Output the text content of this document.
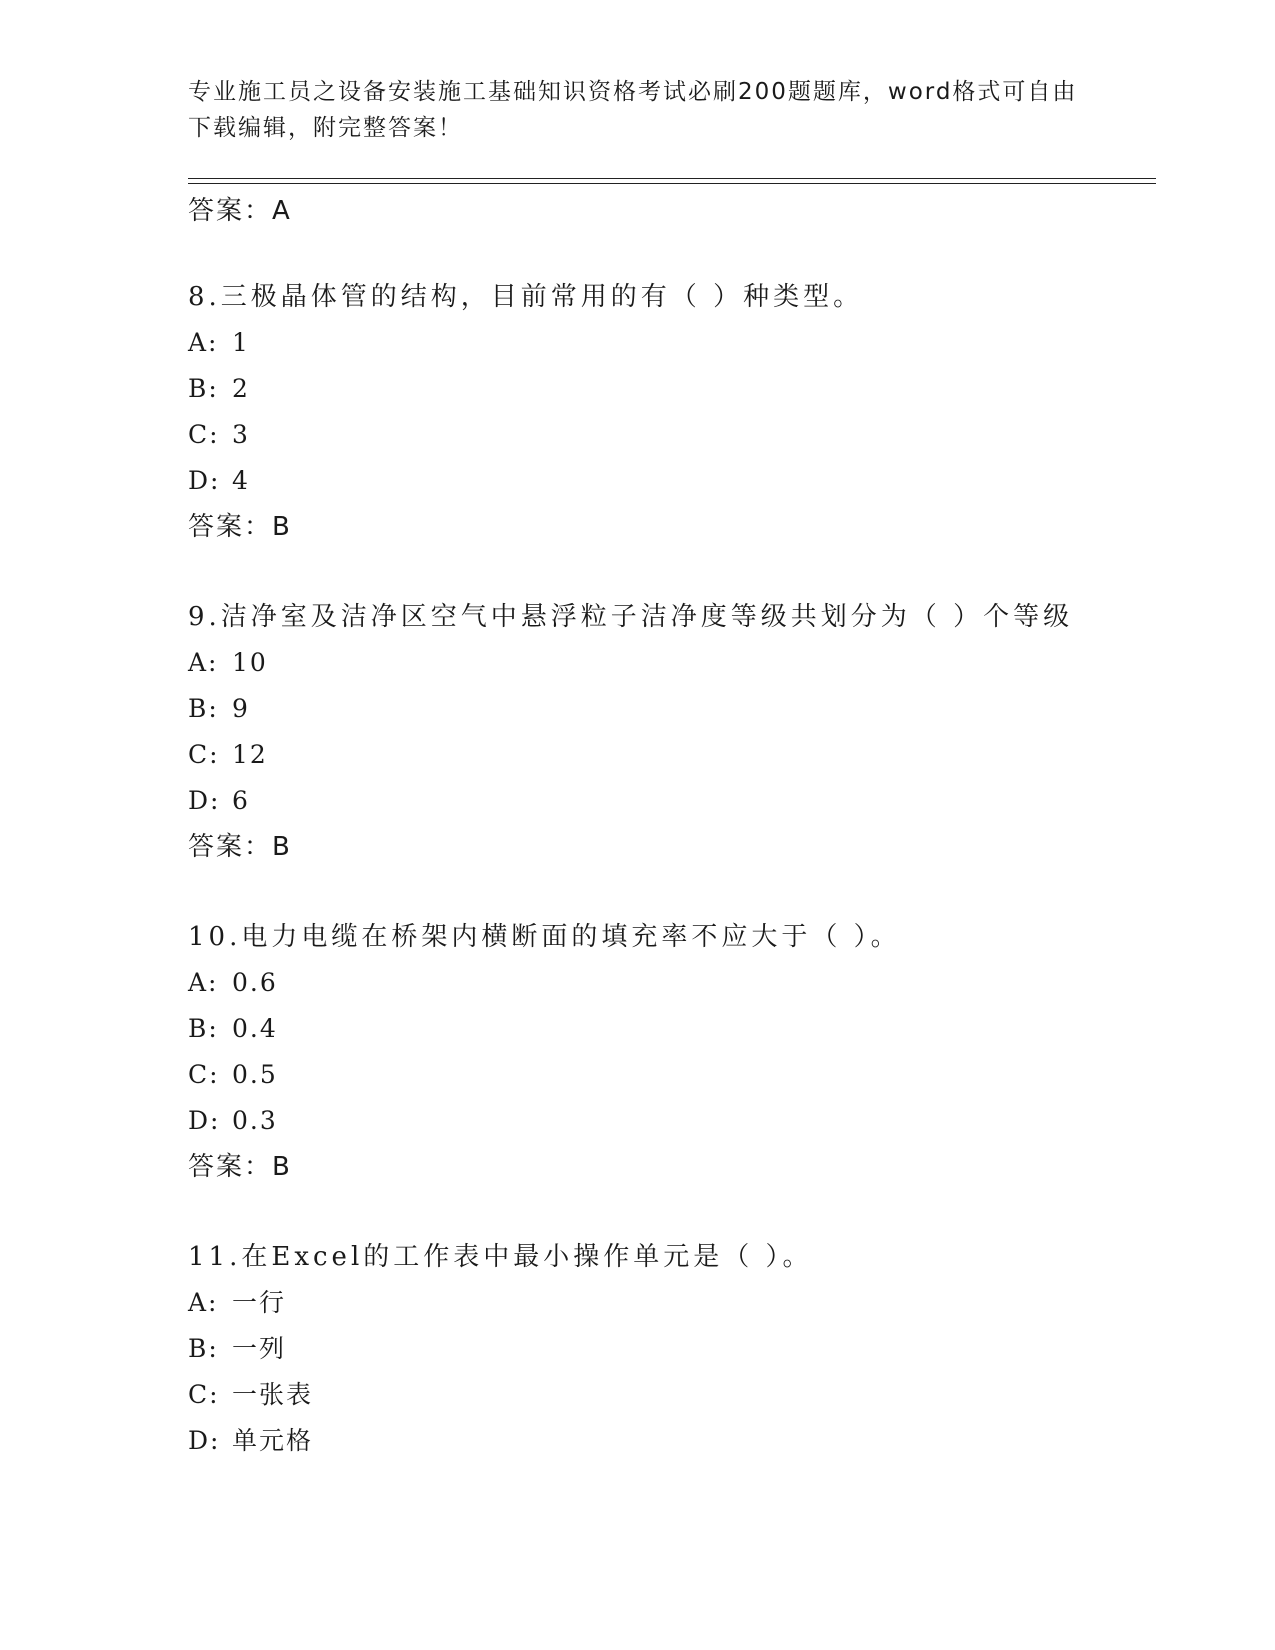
专业施工员之设备安装施工基础知识资格考试必刷200题题库，word格式可自由
下载编辑，附完整答案！

答案：A

8.三极晶体管的结构，目前常用的有（ ）种类型。

A: 1

B: 2

C: 3

D: 4

答案：B

9.洁净室及洁净区空气中悬浮粒子洁净度等级共划分为（ ）个等级

A: 10

B: 9

C: 12

D: 6

答案：B

10.电力电缆在桥架内横断面的填充率不应大于（ ）。

A: 0.6

B: 0.4

C: 0.5

D: 0.3

答案：B

11.在Excel的工作表中最小操作单元是（ ）。

A: 一行

B: 一列

C: 一张表

D: 单元格
